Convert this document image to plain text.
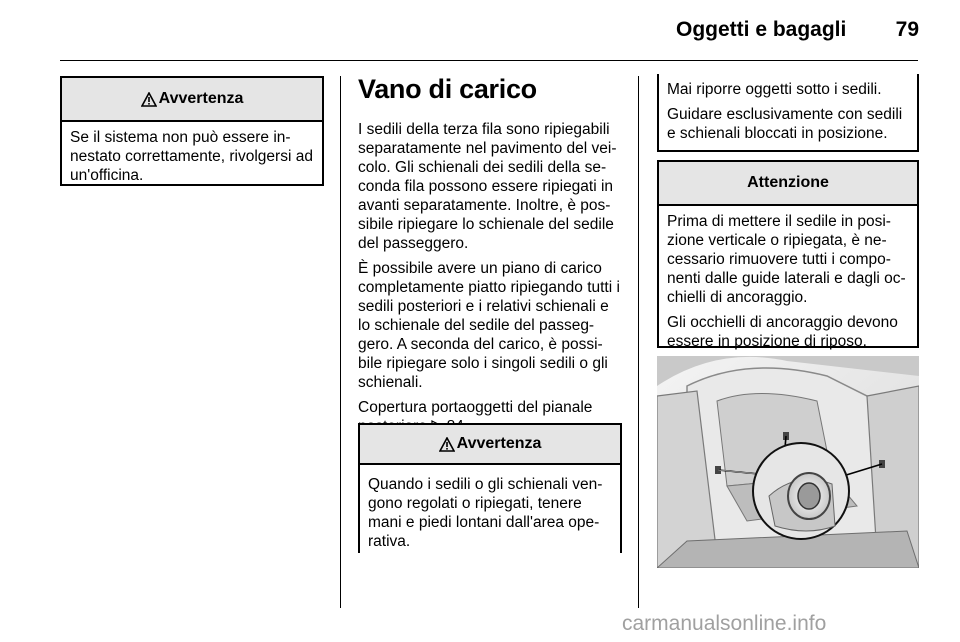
Oggetti e bagagli 79
Avvertenza

Se il sistema non può essere in-nestato correttamente, rivolgersi ad un'officina.

Vano di carico

I sedili della terza fila sono ripiegabili separatamente nel pavimento del vei-colo. Gli schienali dei sedili della se-conda fila possono essere ripiegati in avanti separatamente. Inoltre, è pos-sibile ripiegare lo schienale del sedile del passeggero.

È possibile avere un piano di carico completamente piatto ripiegando tutti i sedili posteriori e i relativi schienali e lo schienale del sedile del passeg-gero. A seconda del carico, è possi-bile ripiegare solo i singoli sedili o gli schienali.

Copertura portaoggetti del pianale

Avvertenza

Quando i sedili o gli schienali ven-gono regolati o ripiegati, tenere mani e piedi lontani dall'area ope-rativa.

Mai riporre oggetti sotto i sedili.

Guidare esclusivamente con sedili e schienali bloccati in posizione.

Attenzione

Prima di mettere il sedile in posi-zione verticale o ripiegata, è ne-cessario rimuovere tutti i compo-nenti dalle guide laterali e dagli oc-chielli di ancoraggio.

Gli occhielli di ancoraggio devono essere in posizione di riposo.

carmanualsonline.info
